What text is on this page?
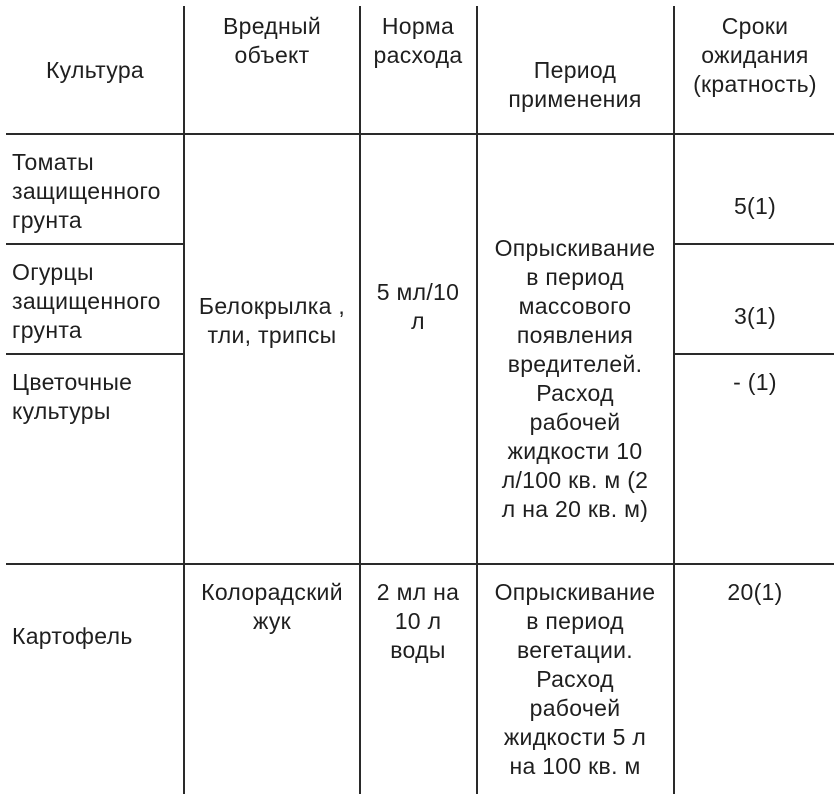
Культура
Вредный
объект
Норма
расхода
Период
применения
Сроки
ожидания
(кратность)
Томаты
защищенного
грунта
Огурцы
защищенного
грунта
Цветочные
культуры
Белокрылка ,
тли, трипсы
5 мл/10
л
Опрыскивание
в период
массового
появления
вредителей.
Расход
рабочей
жидкости 10
л/100 кв. м (2
л на 20 кв. м)
5(1)
3(1)
- (1)
Картофель
Колорадский
жук
2 мл на
10 л
воды
Опрыскивание
в период
вегетации.
Расход
рабочей
жидкости 5 л
на 100 кв. м
20(1)
